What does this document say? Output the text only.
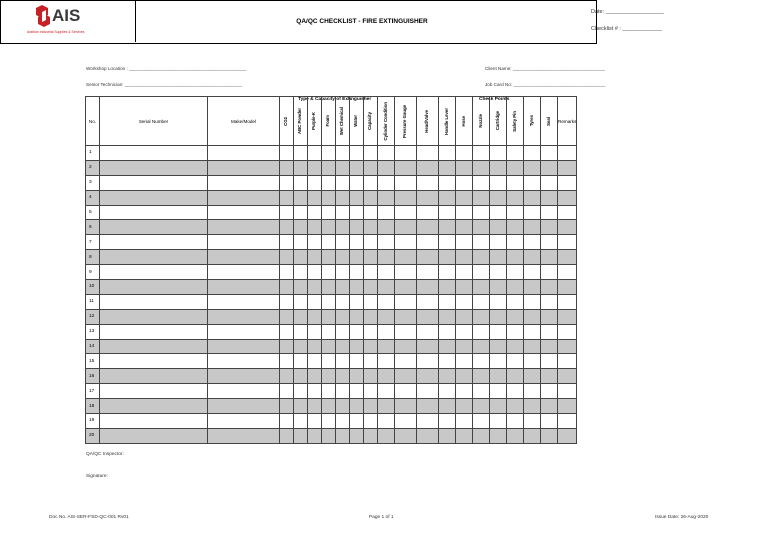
AIS
Arabian Industrial Supplies & Services
QA/QC CHECKLIST - FIRE EXTINGUISHER
Date: ___________________
Checklist # : _____________
Workshop Location : ______________________________________________
Senior Technician: ______________________________________________
Client Name: ____________________________________
Job Card No: ____________________________________
Type & Capacity of Extinguisher	Check Points
No.	Serial Number	Make/Model	CO2	ABC Powder	Purple-K	Foam	Wet Chemical	Water	Capacity	Cylinder Condition	Pressure Gauge	Head/Valve	Handle Lever	Hose	Nozzle	Cartridge	Safety Pin	Tyres	Seal	Remarks
1																				
2																				
3																				
4																				
5																				
6																				
7																				
8																				
9																				
10																				
11																				
12																				
13																				
14																				
15																				
16																				
17																				
18																				
19																				
20																				
QA/QC Inspector:
Signature:
Doc No. AIS-SER-FSD-QC-001 Rv01	Page 1 of 1	Issue Date: 26-Aug-2020
